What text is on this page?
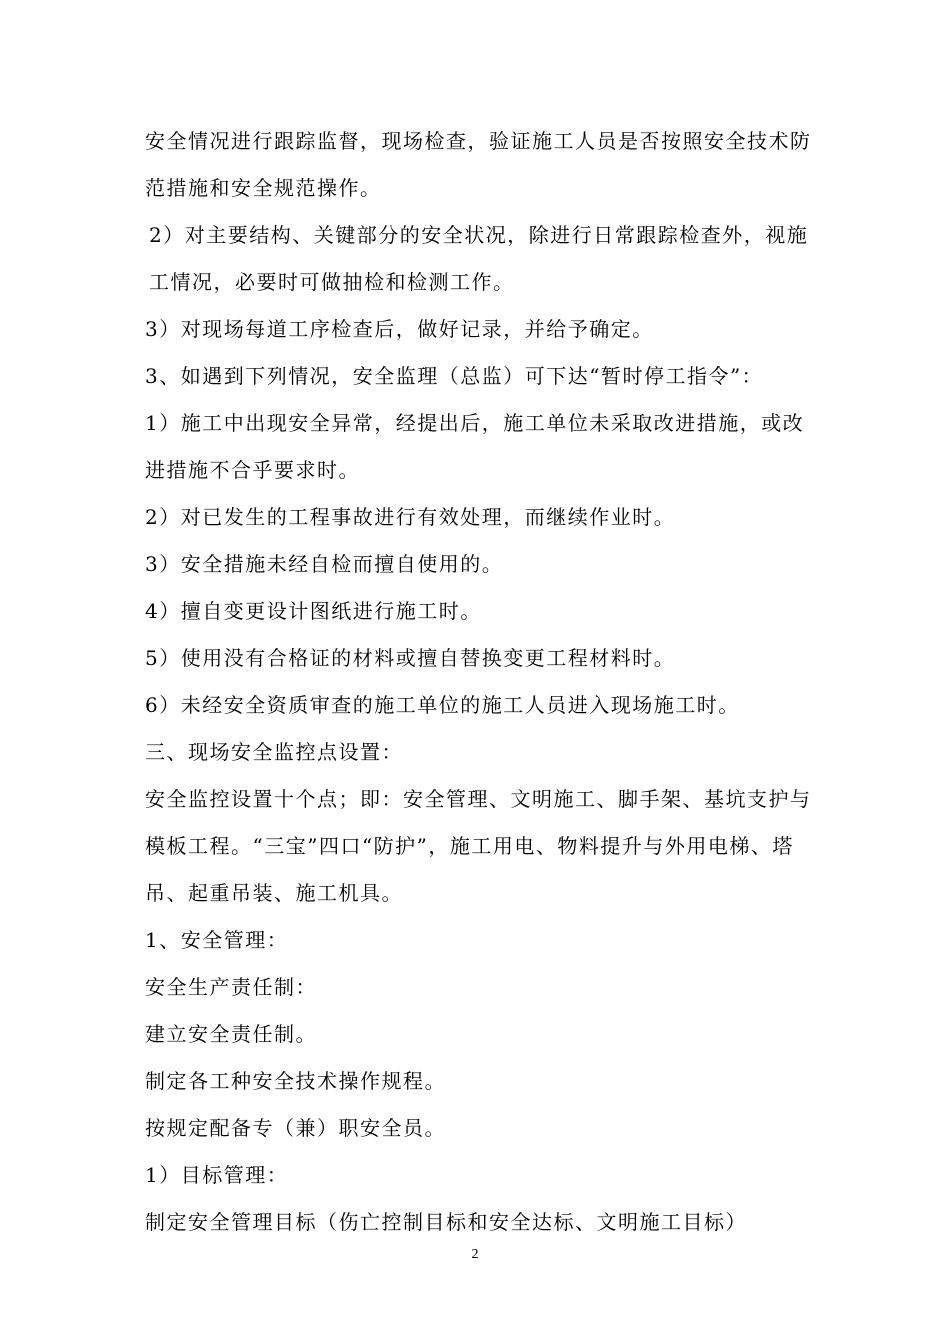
安全情况进行跟踪监督，现场检查，验证施工人员是否按照安全技术防范措施和安全规范操作。

2）对主要结构、关键部分的安全状况，除进行日常跟踪检查外，视施工情况，必要时可做抽检和检测工作。

3）对现场每道工序检查后，做好记录，并给予确定。

3、如遇到下列情况，安全监理（总监）可下达“暂时停工指令”：

1）施工中出现安全异常，经提出后，施工单位未采取改进措施，或改进措施不合乎要求时。

2）对已发生的工程事故进行有效处理，而继续作业时。

3）安全措施未经自检而擅自使用的。

4）擅自变更设计图纸进行施工时。

5）使用没有合格证的材料或擅自替换变更工程材料时。

6）未经安全资质审查的施工单位的施工人员进入现场施工时。

三、现场安全监控点设置：

安全监控设置十个点；即：安全管理、文明施工、脚手架、基坑支护与模板工程。“三宝”四口“防护”，施工用电、物料提升与外用电梯、塔吊、起重吊装、施工机具。

1、安全管理：

安全生产责任制：

建立安全责任制。

制定各工种安全技术操作规程。

按规定配备专（兼）职安全员。

1）目标管理：

制定安全管理目标（伤亡控制目标和安全达标、文明施工目标）

2
